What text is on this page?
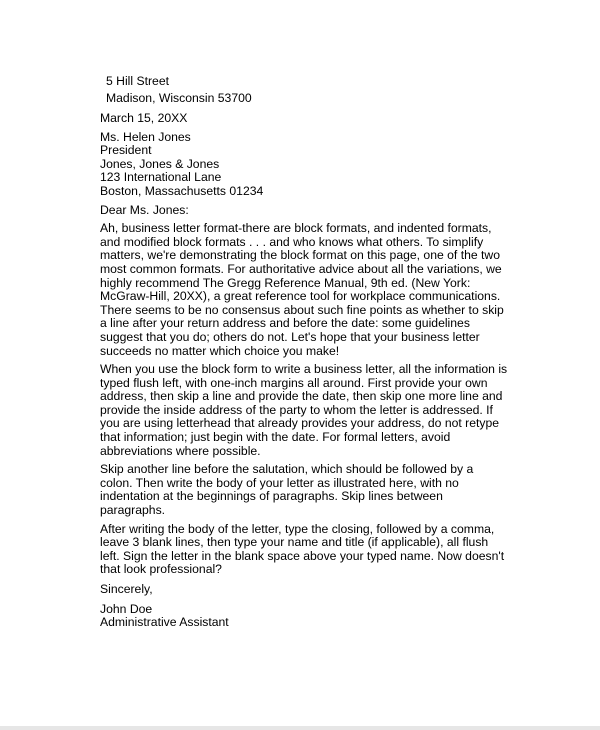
5 Hill Street
Madison, Wisconsin 53700
March 15, 20XX
Ms. Helen Jones
President
Jones, Jones & Jones
123 International Lane
Boston, Massachusetts 01234
Dear Ms. Jones:

Ah, business letter format-there are block formats, and indented formats,
and modified block formats . . . and who knows what others. To simplify
matters, we're demonstrating the block format on this page, one of the two
most common formats. For authoritative advice about all the variations, we
highly recommend The Gregg Reference Manual, 9th ed. (New York:
McGraw-Hill, 20XX), a great reference tool for workplace communications.
There seems to be no consensus about such fine points as whether to skip
a line after your return address and before the date: some guidelines
suggest that you do; others do not. Let's hope that your business letter
succeeds no matter which choice you make!

When you use the block form to write a business letter, all the information is
typed flush left, with one-inch margins all around. First provide your own
address, then skip a line and provide the date, then skip one more line and
provide the inside address of the party to whom the letter is addressed. If
you are using letterhead that already provides your address, do not retype
that information; just begin with the date. For formal letters, avoid
abbreviations where possible.

Skip another line before the salutation, which should be followed by a
colon. Then write the body of your letter as illustrated here, with no
indentation at the beginnings of paragraphs. Skip lines between
paragraphs.

After writing the body of the letter, type the closing, followed by a comma,
leave 3 blank lines, then type your name and title (if applicable), all flush
left. Sign the letter in the blank space above your typed name. Now doesn't
that look professional?

Sincerely,
John Doe
Administrative Assistant
